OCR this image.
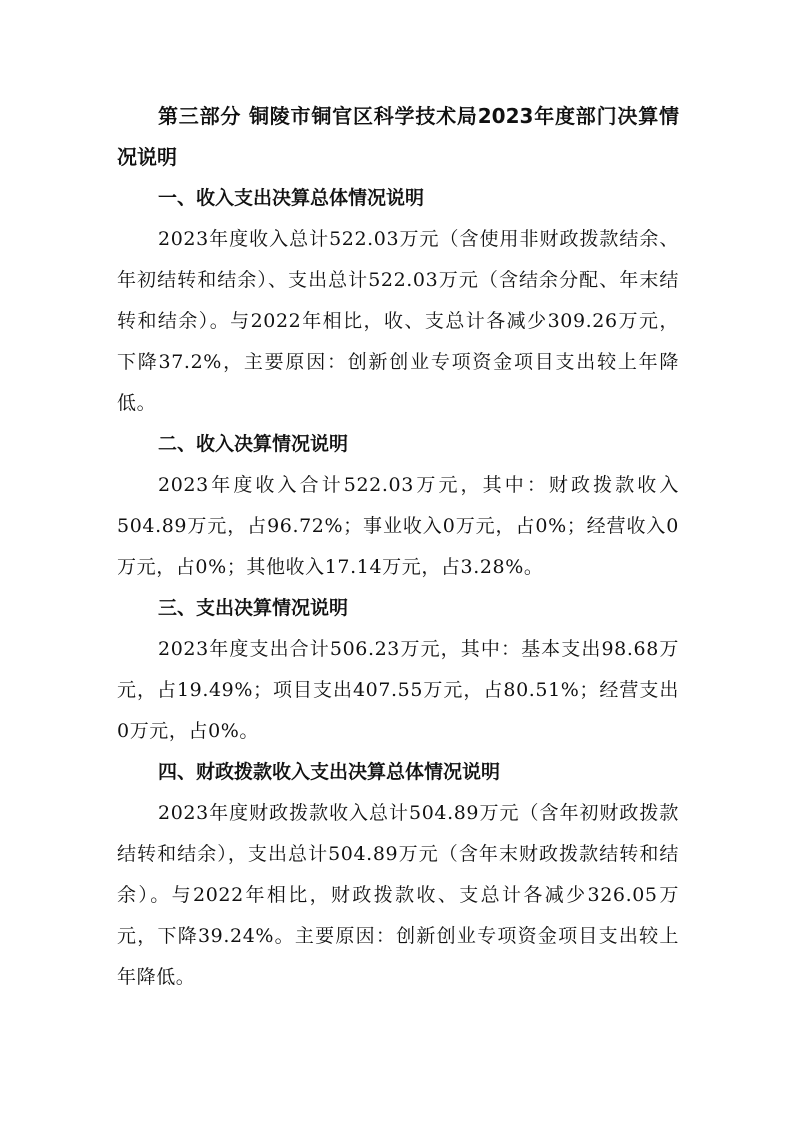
第三部分 铜陵市铜官区科学技术局2023年度部门决算情况说明

一、收入支出决算总体情况说明

2023年度收入总计522.03万元（含使用非财政拨款结余、年初结转和结余）、支出总计522.03万元（含结余分配、年末结转和结余）。与2022年相比，收、支总计各减少309.26万元，下降37.2%，主要原因：创新创业专项资金项目支出较上年降低。

二、收入决算情况说明

2023年度收入合计522.03万元，其中：财政拨款收入504.89万元，占96.72%；事业收入0万元，占0%；经营收入0万元，占0%；其他收入17.14万元，占3.28%。

三、支出决算情况说明

2023年度支出合计506.23万元，其中：基本支出98.68万元，占19.49%；项目支出407.55万元，占80.51%；经营支出0万元，占0%。

四、财政拨款收入支出决算总体情况说明

2023年度财政拨款收入总计504.89万元（含年初财政拨款结转和结余），支出总计504.89万元（含年末财政拨款结转和结余）。与2022年相比，财政拨款收、支总计各减少326.05万元，下降39.24%。主要原因：创新创业专项资金项目支出较上年降低。
